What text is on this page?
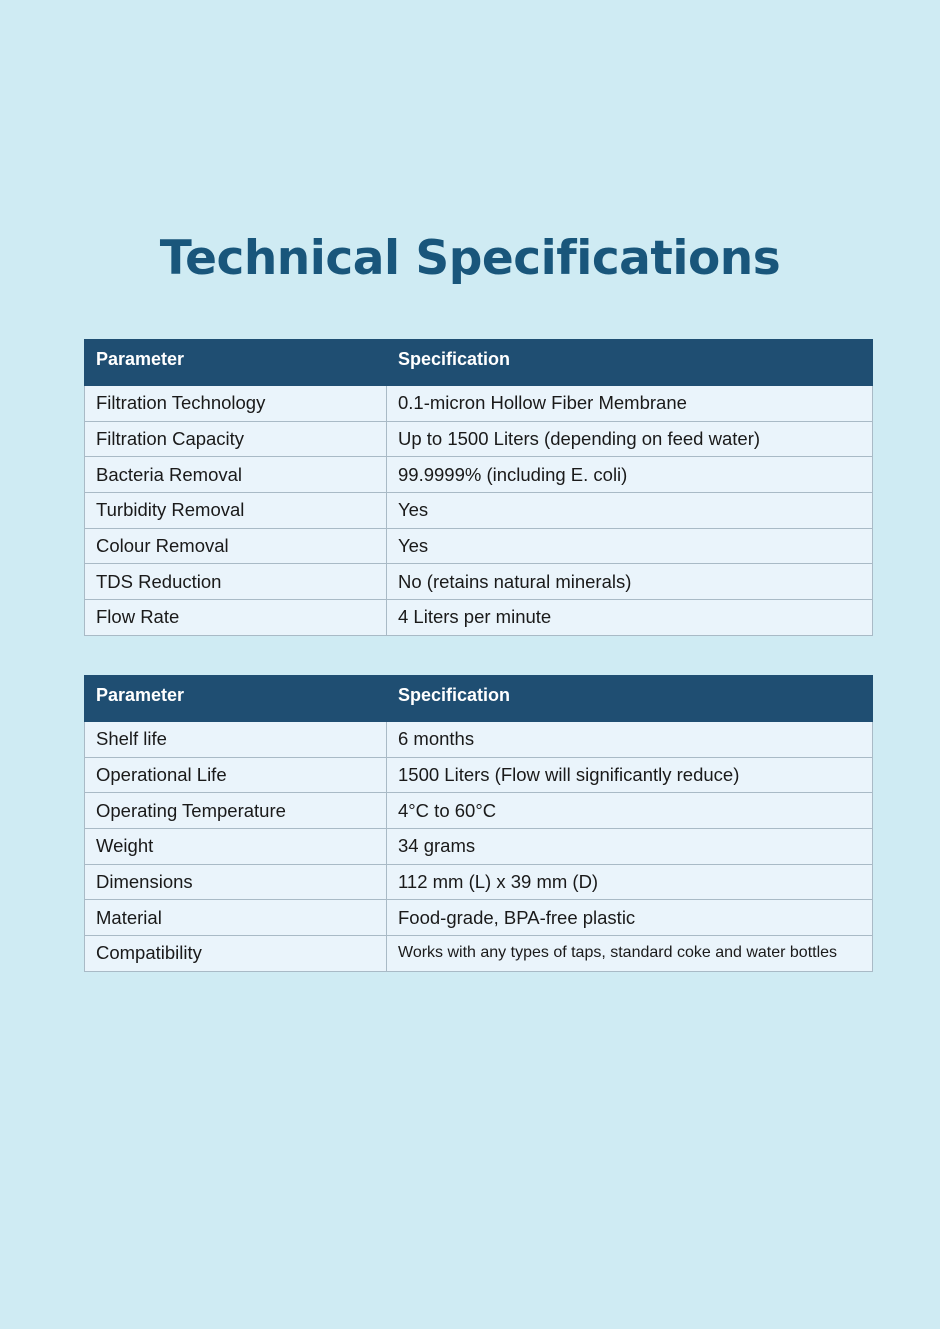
Technical Specifications
Parameter	Specification
Filtration Technology	0.1-micron Hollow Fiber Membrane
Filtration Capacity	Up to 1500 Liters (depending on feed water)
Bacteria Removal	99.9999% (including E. coli)
Turbidity Removal	Yes
Colour Removal	Yes
TDS Reduction	No (retains natural minerals)
Flow Rate	4 Liters per minute
Parameter	Specification
Shelf life	6 months
Operational Life	1500 Liters (Flow will significantly reduce)
Operating Temperature	4°C to 60°C
Weight	34 grams
Dimensions	112 mm (L) x 39 mm (D)
Material	Food-grade, BPA-free plastic
Compatibility	Works with any types of taps, standard coke and water bottles
